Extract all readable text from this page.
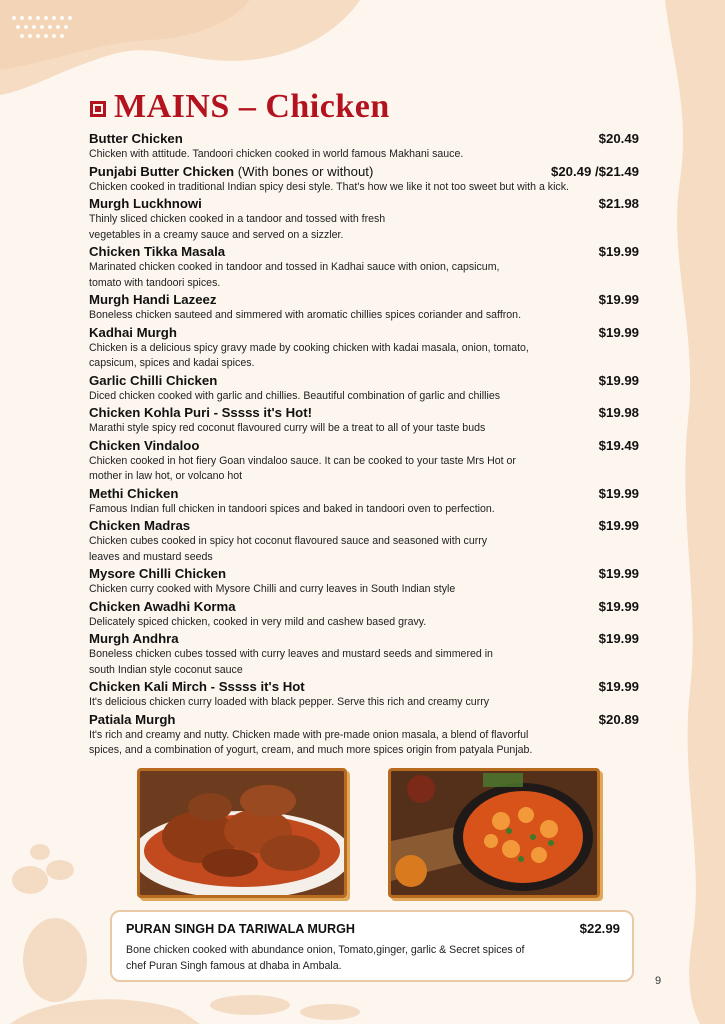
MAINS – Chicken
Butter Chicken	$20.49
Chicken with attitude. Tandoori chicken cooked in world famous Makhani sauce.
Punjabi Butter Chicken (With bones or without)	$20.49 /$21.49
Chicken cooked in traditional Indian spicy desi style. That's how we like it not too sweet but with a kick.
Murgh Luckhnowi	$21.98
Thinly sliced chicken cooked in a tandoor and tossed with fresh
vegetables in a creamy sauce and served on a sizzler.
Chicken Tikka Masala	$19.99
Marinated chicken cooked in tandoor and tossed in Kadhai sauce with onion, capsicum,
tomato with tandoori spices.
Murgh Handi Lazeez	$19.99
Boneless chicken sauteed and simmered with aromatic chillies spices coriander and saffron.
Kadhai Murgh	$19.99
Chicken is a delicious spicy gravy made by cooking chicken with kadai masala, onion, tomato,
capsicum, spices and kadai spices.
Garlic Chilli Chicken	$19.99
Diced chicken cooked with garlic and chillies. Beautiful combination of garlic and chillies
Chicken Kohla Puri - Sssss it's Hot!	$19.98
Marathi style spicy red coconut flavoured curry will be a treat to all of your taste buds
Chicken Vindaloo	$19.49
Chicken cooked in hot fiery Goan vindaloo sauce. It can be cooked to your taste Mrs Hot or
mother in law hot, or volcano hot
Methi Chicken	$19.99
Famous Indian full chicken in tandoori spices and baked in tandoori oven to perfection.
Chicken Madras	$19.99
Chicken cubes cooked in spicy hot coconut flavoured sauce and seasoned with curry
leaves and mustard seeds
Mysore Chilli Chicken	$19.99
Chicken curry cooked with Mysore Chilli and curry leaves in South Indian style
Chicken Awadhi Korma	$19.99
Delicately spiced chicken, cooked in very mild and cashew based gravy.
Murgh Andhra	$19.99
Boneless chicken cubes tossed with curry leaves and mustard seeds and simmered in
south Indian style coconut sauce
Chicken Kali Mirch - Sssss it's Hot	$19.99
It's delicious chicken curry loaded with black pepper. Serve this rich and creamy curry
Patiala Murgh	$20.89
It's rich and creamy and nutty. Chicken made with pre-made onion masala, a blend of flavorful
spices, and a combination of yogurt, cream, and much more spices origin from patyala Punjab.
PURAN SINGH DA TARIWALA MURGH	$22.99
Bone chicken cooked with abundance onion, Tomato,ginger, garlic & Secret spices of
chef Puran Singh famous at dhaba in Ambala.
9
